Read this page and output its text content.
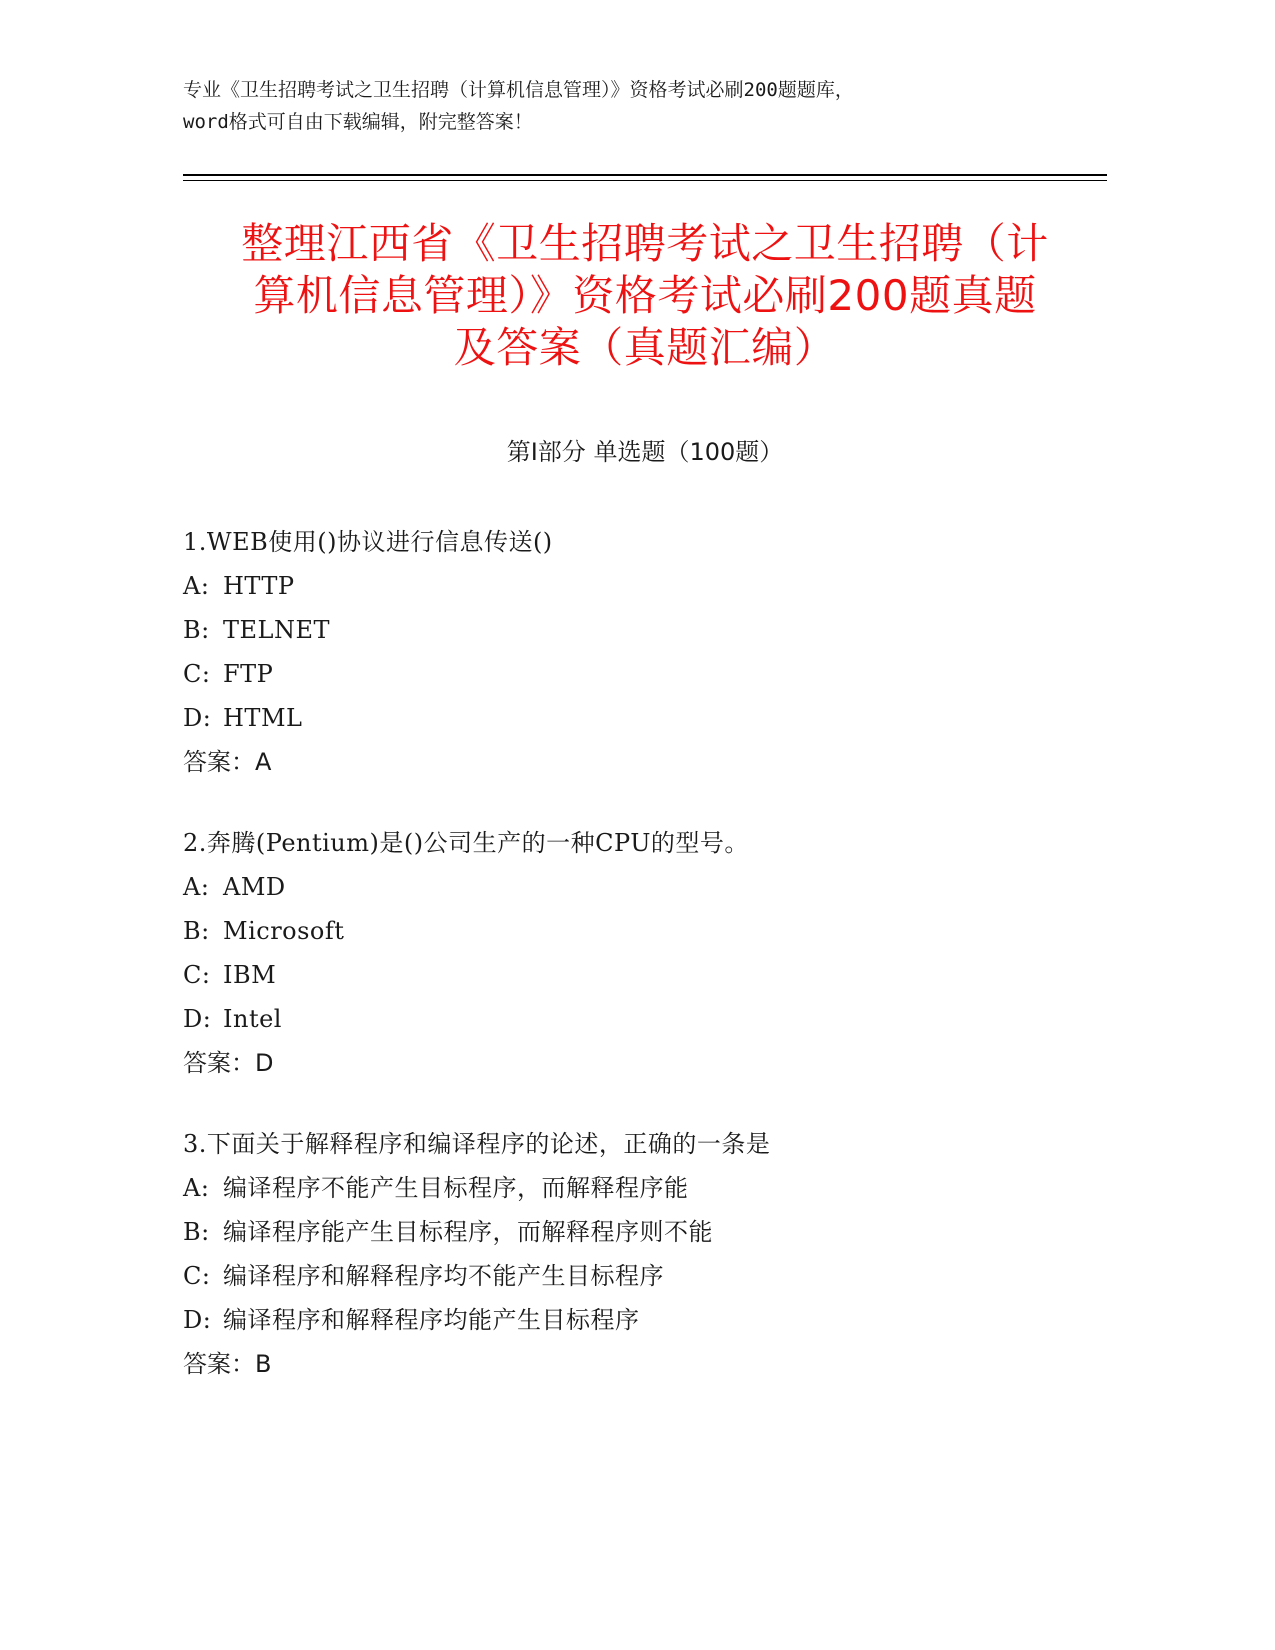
专业《卫生招聘考试之卫生招聘（计算机信息管理）》资格考试必刷200题题库，
word格式可自由下载编辑，附完整答案！
整理江西省《卫生招聘考试之卫生招聘（计
算机信息管理）》资格考试必刷200题真题
及答案（真题汇编）
第Ⅰ部分 单选题（100题）
1.WEB使用()协议进行信息传送()
A: HTTP
B: TELNET
C: FTP
D: HTML
答案：A
2.奔腾(Pentium)是()公司生产的一种CPU的型号。
A: AMD
B: Microsoft
C: IBM
D: Intel
答案：D
3.下面关于解释程序和编译程序的论述，正确的一条是
A: 编译程序不能产生目标程序，而解释程序能
B: 编译程序能产生目标程序，而解释程序则不能
C: 编译程序和解释程序均不能产生目标程序
D: 编译程序和解释程序均能产生目标程序
答案：B
